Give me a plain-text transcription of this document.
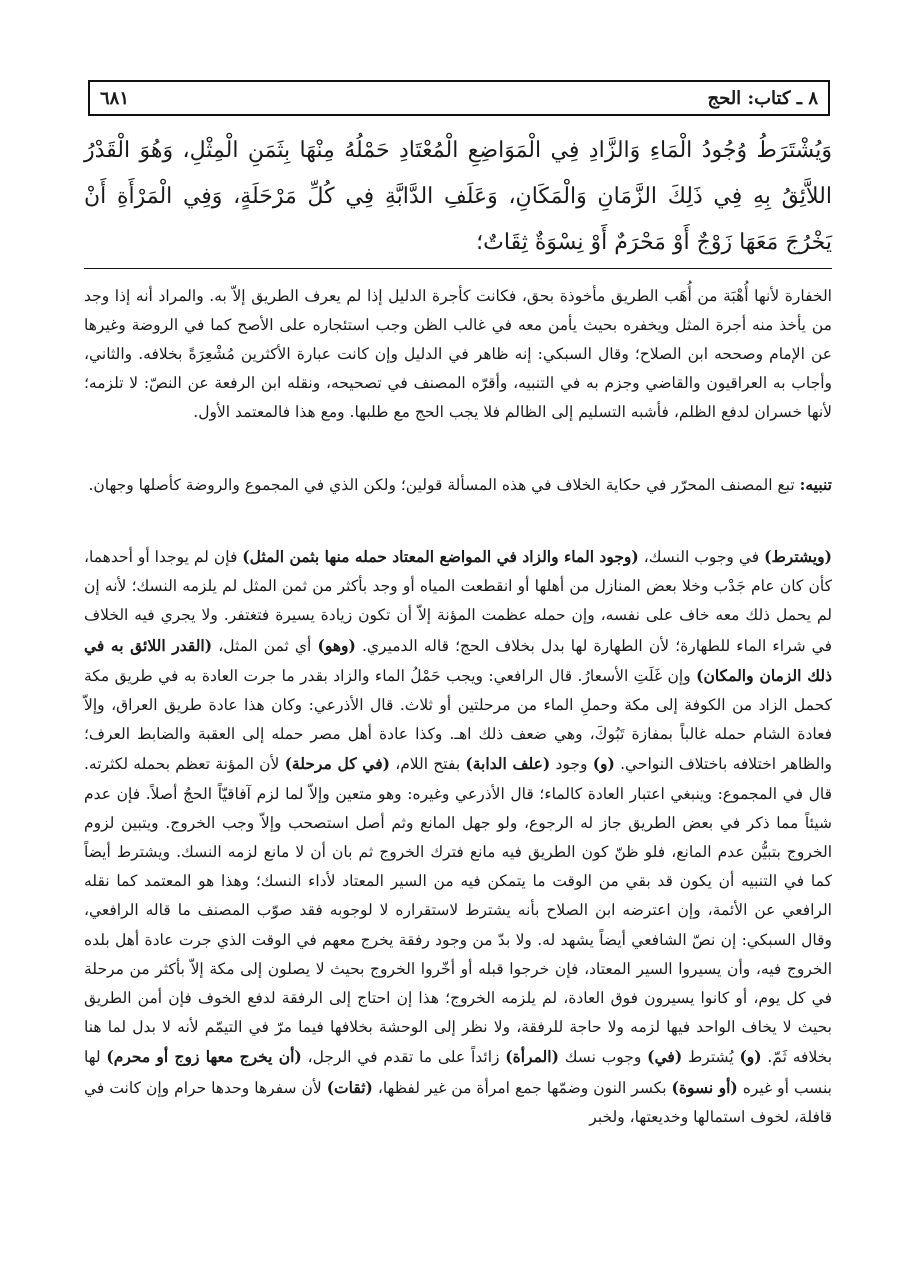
٨ ـ كتاب: الحج
٦٨١
وَيُشْتَرَطُ وُجُودُ الْمَاءِ وَالزَّادِ فِي الْمَوَاضِعِ الْمُعْتَادِ حَمْلُهُ مِنْهَا بِثَمَنِ الْمِثْلِ، وَهُوَ الْقَدْرُ اللاَّئِقُ بِهِ فِي ذَلِكَ الزَّمَانِ وَالْمَكَانِ، وَعَلَفِ الدَّابَّةِ فِي كُلِّ مَرْحَلَةٍ، وَفِي الْمَرْأَةِ أَنْ يَخْرُجَ مَعَهَا زَوْجٌ أَوْ مَحْرَمٌ أَوْ نِسْوَةٌ ثِقَاتٌ؛

الخفارة لأنها أُهْبَة من أُهَب الطريق مأخوذة بحق، فكانت كأجرة الدليل إذا لم يعرف الطريق إلاّ به. والمراد أنه إذا وجد من يأخذ منه أجرة المثل ويخفره بحيث يأمن معه في غالب الظن وجب استئجاره على الأصح كما في الروضة وغيرها عن الإمام وصححه ابن الصلاح؛ وقال السبكي: إنه ظاهر في الدليل وإن كانت عبارة الأكثرين مُشْعِرَةً بخلافه. والثاني، وأجاب به العراقيون والقاضي وجزم به في التنبيه، وأقرّه المصنف في تصحيحه، ونقله ابن الرفعة عن النصّ: لا تلزمه؛ لأنها خسران لدفع الظلم، فأشبه التسليم إلى الظالم فلا يجب الحج مع طلبها. ومع هذا فالمعتمد الأول.

تنبيه: تبع المصنف المحرّر في حكاية الخلاف في هذه المسألة قولين؛ ولكن الذي في المجموع والروضة كأصلها وجهان.
(ويشترط) في وجوب النسك، (وجود الماء والزاد في المواضع المعتاد حمله منها بثمن المثل) فإن لم يوجدا أو أحدهما، كأن كان عام جَدْب وخلا بعض المنازل من أهلها أو انقطعت المياه أو وجد بأكثر من ثمن المثل لم يلزمه النسك؛ لأنه إن لم يحمل ذلك معه خاف على نفسه، وإن حمله عظمت المؤنة إلاّ أن تكون زيادة يسيرة فتغتفر. ولا يجري فيه الخلاف في شراء الماء للطهارة؛ لأن الطهارة لها بدل بخلاف الحج؛ قاله الدميري. (وهو) أي ثمن المثل، (القدر اللائق به في ذلك الزمان والمكان) وإن غَلَتِ الأسعارُ. قال الرافعي: ويجب حَمْلُ الماء والزاد بقدر ما جرت العادة به في طريق مكة كحمل الزاد من الكوفة إلى مكة وحملِ الماء من مرحلتين أو ثلاث. قال الأذرعي: وكان هذا عادة طريق العراق، وإلاّ فعادة الشام حمله غالباً بمفازة تَبُوكَ، وهي ضعف ذلك اهـ. وكذا عادة أهل مصر حمله إلى العقبة والضابط العرف؛ والظاهر اختلافه باختلاف النواحي. (و) وجود (علف الدابة) بفتح اللام، (في كل مرحلة) لأن المؤنة تعظم بحمله لكثرته. قال في المجموع: وينبغي اعتبار العادة كالماء؛ قال الأذرعي وغيره: وهو متعين وإلاّ لما لزم آفاقيّاً الحجُ أصلاً. فإن عدم شيئاً مما ذكر في بعض الطريق جاز له الرجوع، ولو جهل المانع وثم أصل استصحب وإلاّ وجب الخروج. ويتبين لزوم الخروج بتبيُّن عدم المانع، فلو ظنّ كون الطريق فيه مانع فترك الخروج ثم بان أن لا مانع لزمه النسك. ويشترط أيضاً كما في التنبيه أن يكون قد بقي من الوقت ما يتمكن فيه من السير المعتاد لأداء النسك؛ وهذا هو المعتمد كما نقله الرافعي عن الأئمة، وإن اعترضه ابن الصلاح بأنه يشترط لاستقراره لا لوجوبه فقد صوّب المصنف ما قاله الرافعي، وقال السبكي: إن نصّ الشافعي أيضاً يشهد له. ولا بدّ من وجود رفقة يخرج معهم في الوقت الذي جرت عادة أهل بلده الخروج فيه، وأن يسيروا السير المعتاد، فإن خرجوا قبله أو أخّروا الخروج بحيث لا يصلون إلى مكة إلاّ بأكثر من مرحلة في كل يوم، أو كانوا يسيرون فوق العادة، لم يلزمه الخروج؛ هذا إن احتاج إلى الرفقة لدفع الخوف فإن أمن الطريق بحيث لا يخاف الواحد فيها لزمه ولا حاجة للرفقة، ولا نظر إلى الوحشة بخلافها فيما مرّ في التيمّم لأنه لا بدل لما هنا بخلافه ثَمّ. (و) يُشترط (في) وجوب نسك (المرأة) زائداً على ما تقدم في الرجل، (أن يخرج معها زوج أو محرم) لها بنسب أو غيره (أو نسوة) بكسر النون وضمّها جمع امرأة من غير لفظها، (ثقات) لأن سفرها وحدها حرام وإن كانت في قافلة، لخوف استمالها وخديعتها، ولخبر
